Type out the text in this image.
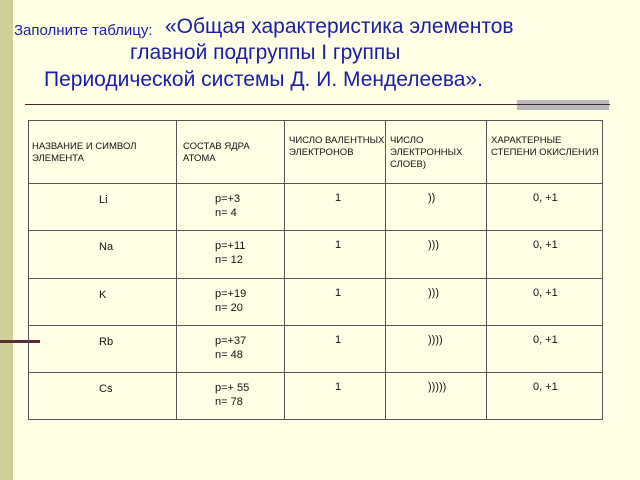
Заполните таблицу: «Общая характеристика элементов
главной подгруппы I группы
Периодической системы Д. И. Менделеева».
НАЗВАНИЕ И СИМВОЛ ЭЛЕМЕНТА	СОСТАВ ЯДРА АТОМА	ЧИСЛО ВАЛЕНТНЫХ ЭЛЕКТРОНОВ	ЧИСЛО ЭЛЕКТРОННЫХ СЛОЕВ)	ХАРАКТЕРНЫЕ СТЕПЕНИ ОКИСЛЕНИЯ

Li	p=+3
n= 4	1	))	0, +1

Na	p=+11
n= 12	1	)))	0, +1

K	p=+19
n= 20	1	)))	0, +1

Rb	p=+37
n= 48	1	))))	0, +1

Cs	p=+ 55
n= 78	1	)))))	0, +1
